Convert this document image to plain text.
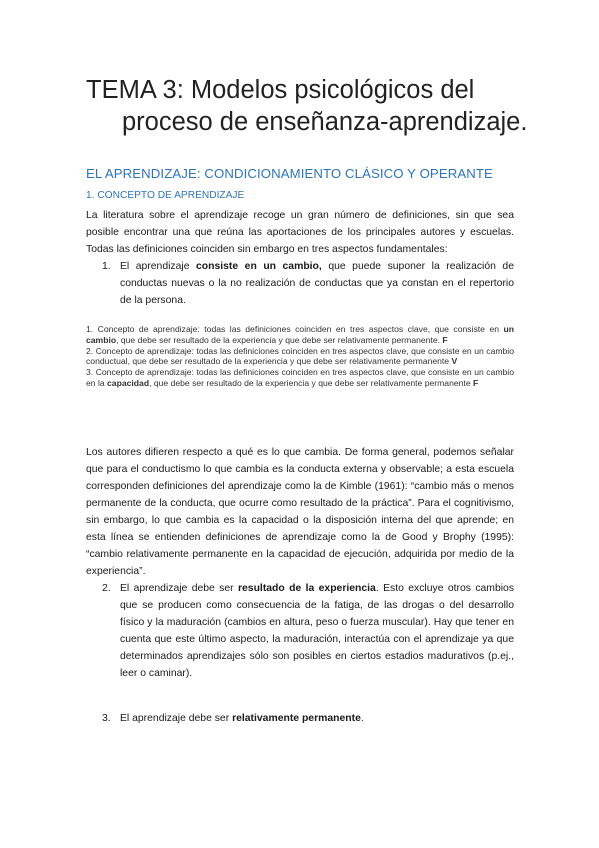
TEMA 3: Modelos psicológicos del
proceso de enseñanza-aprendizaje.
EL APRENDIZAJE: CONDICIONAMIENTO CLÁSICO Y OPERANTE
1. CONCEPTO DE APRENDIZAJE
La literatura sobre el aprendizaje recoge un gran número de definiciones, sin que sea posible encontrar una que reúna las aportaciones de los principales autores y escuelas. Todas las definiciones coinciden sin embargo en tres aspectos fundamentales:
1. El aprendizaje consiste en un cambio, que puede suponer la realización de conductas nuevas o la no realización de conductas que ya constan en el repertorio de la persona.

1. Concepto de aprendizaje: todas las definiciones coinciden en tres aspectos clave, que consiste en un cambio, que debe ser resultado de la experiencia y que debe ser relativamente permanente. F

2. Concepto de aprendizaje: todas las definiciones coinciden en tres aspectos clave, que consiste en un cambio conductual, que debe ser resultado de la experiencia y que debe ser relativamente permanente V

3. Concepto de aprendizaje: todas las definiciones coinciden en tres aspectos clave, que consiste en un cambio en la capacidad, que debe ser resultado de la experiencia y que debe ser relativamente permanente F

Los autores difieren respecto a qué es lo que cambia. De forma general, podemos señalar que para el conductismo lo que cambia es la conducta externa y observable; a esta escuela corresponden definiciones del aprendizaje como la de Kimble (1961): “cambio más o menos permanente de la conducta, que ocurre como resultado de la práctica”. Para el cognitivismo, sin embargo, lo que cambia es la capacidad o la disposición interna del que aprende; en esta línea se entienden definiciones de aprendizaje como la de Good y Brophy (1995): “cambio relativamente permanente en la capacidad de ejecución, adquirida por medio de la experiencia”.
2. El aprendizaje debe ser resultado de la experiencia. Esto excluye otros cambios que se producen como consecuencia de la fatiga, de las drogas o del desarrollo físico y la maduración (cambios en altura, peso o fuerza muscular). Hay que tener en cuenta que este último aspecto, la maduración, interactúa con el aprendizaje ya que determinados aprendizajes sólo son posibles en ciertos estadios madurativos (p.ej., leer o caminar).
3. El aprendizaje debe ser relativamente permanente.
